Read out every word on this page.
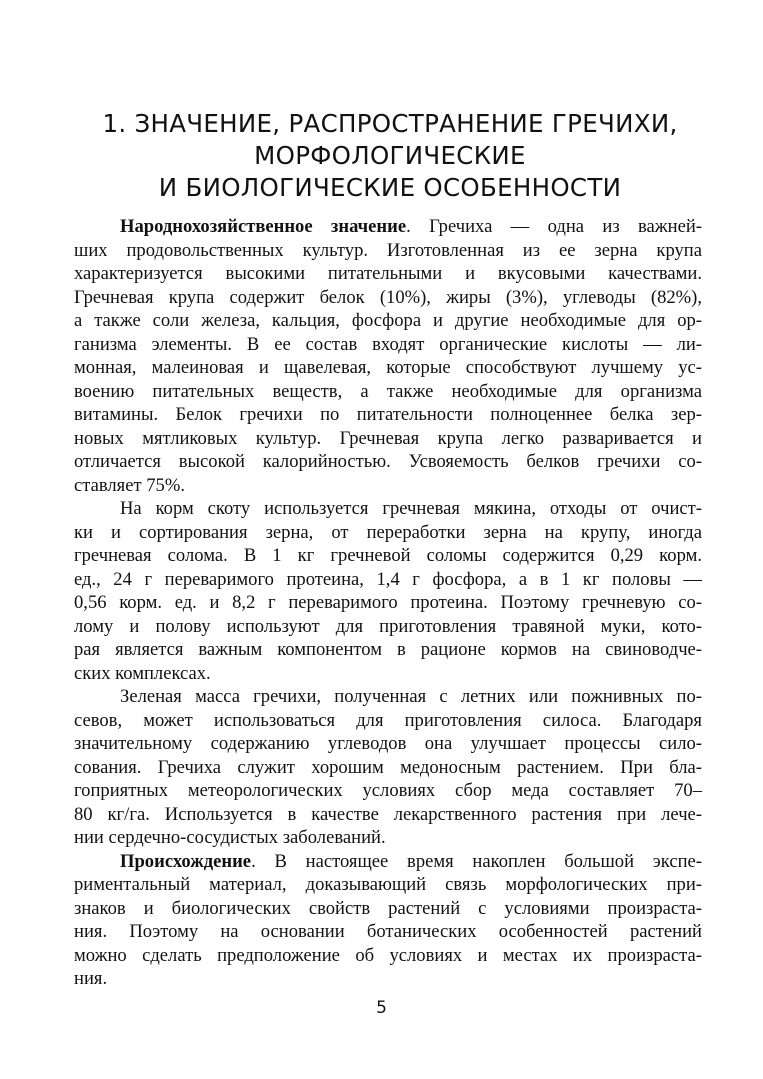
1. ЗНАЧЕНИЕ, РАСПРОСТРАНЕНИЕ ГРЕЧИХИ,
МОРФОЛОГИЧЕСКИЕ
И БИОЛОГИЧЕСКИЕ ОСОБЕННОСТИ

Народнохозяйственное значение. Гречиха — одна из важней-
ших продовольственных культур. Изготовленная из ее зерна крупа
характеризуется высокими питательными и вкусовыми качествами.
Гречневая крупа содержит белок (10%), жиры (3%), углеводы (82%),
а также соли железа, кальция, фосфора и другие необходимые для ор-
ганизма элементы. В ее состав входят органические кислоты — ли-
монная, малеиновая и щавелевая, которые способствуют лучшему ус-
воению питательных веществ, а также необходимые для организма
витамины. Белок гречихи по питательности полноценнее белка зер-
новых мятликовых культур. Гречневая крупа легко разваривается и
отличается высокой калорийностью. Усвояемость белков гречихи со-
ставляет 75%.

На корм скоту используется гречневая мякина, отходы от очист-
ки и сортирования зерна, от переработки зерна на крупу, иногда
гречневая солома. В 1 кг гречневой соломы содержится 0,29 корм.
ед., 24 г переваримого протеина, 1,4 г фосфора, а в 1 кг половы —
0,56 корм. ед. и 8,2 г переваримого протеина. Поэтому гречневую со-
лому и полову используют для приготовления травяной муки, кото-
рая является важным компонентом в рационе кормов на свиноводче-
ских комплексах.

Зеленая масса гречихи, полученная с летних или пожнивных по-
севов, может использоваться для приготовления силоса. Благодаря
значительному содержанию углеводов она улучшает процессы сило-
сования. Гречиха служит хорошим медоносным растением. При бла-
гоприятных метеорологических условиях сбор меда составляет 70–
80 кг/га. Используется в качестве лекарственного растения при лече-
нии сердечно-сосудистых заболеваний.

Происхождение. В настоящее время накоплен большой экспе-
риментальный материал, доказывающий связь морфологических при-
знаков и биологических свойств растений с условиями произраста-
ния. Поэтому на основании ботанических особенностей растений
можно сделать предположение об условиях и местах их произраста-
ния.

5
